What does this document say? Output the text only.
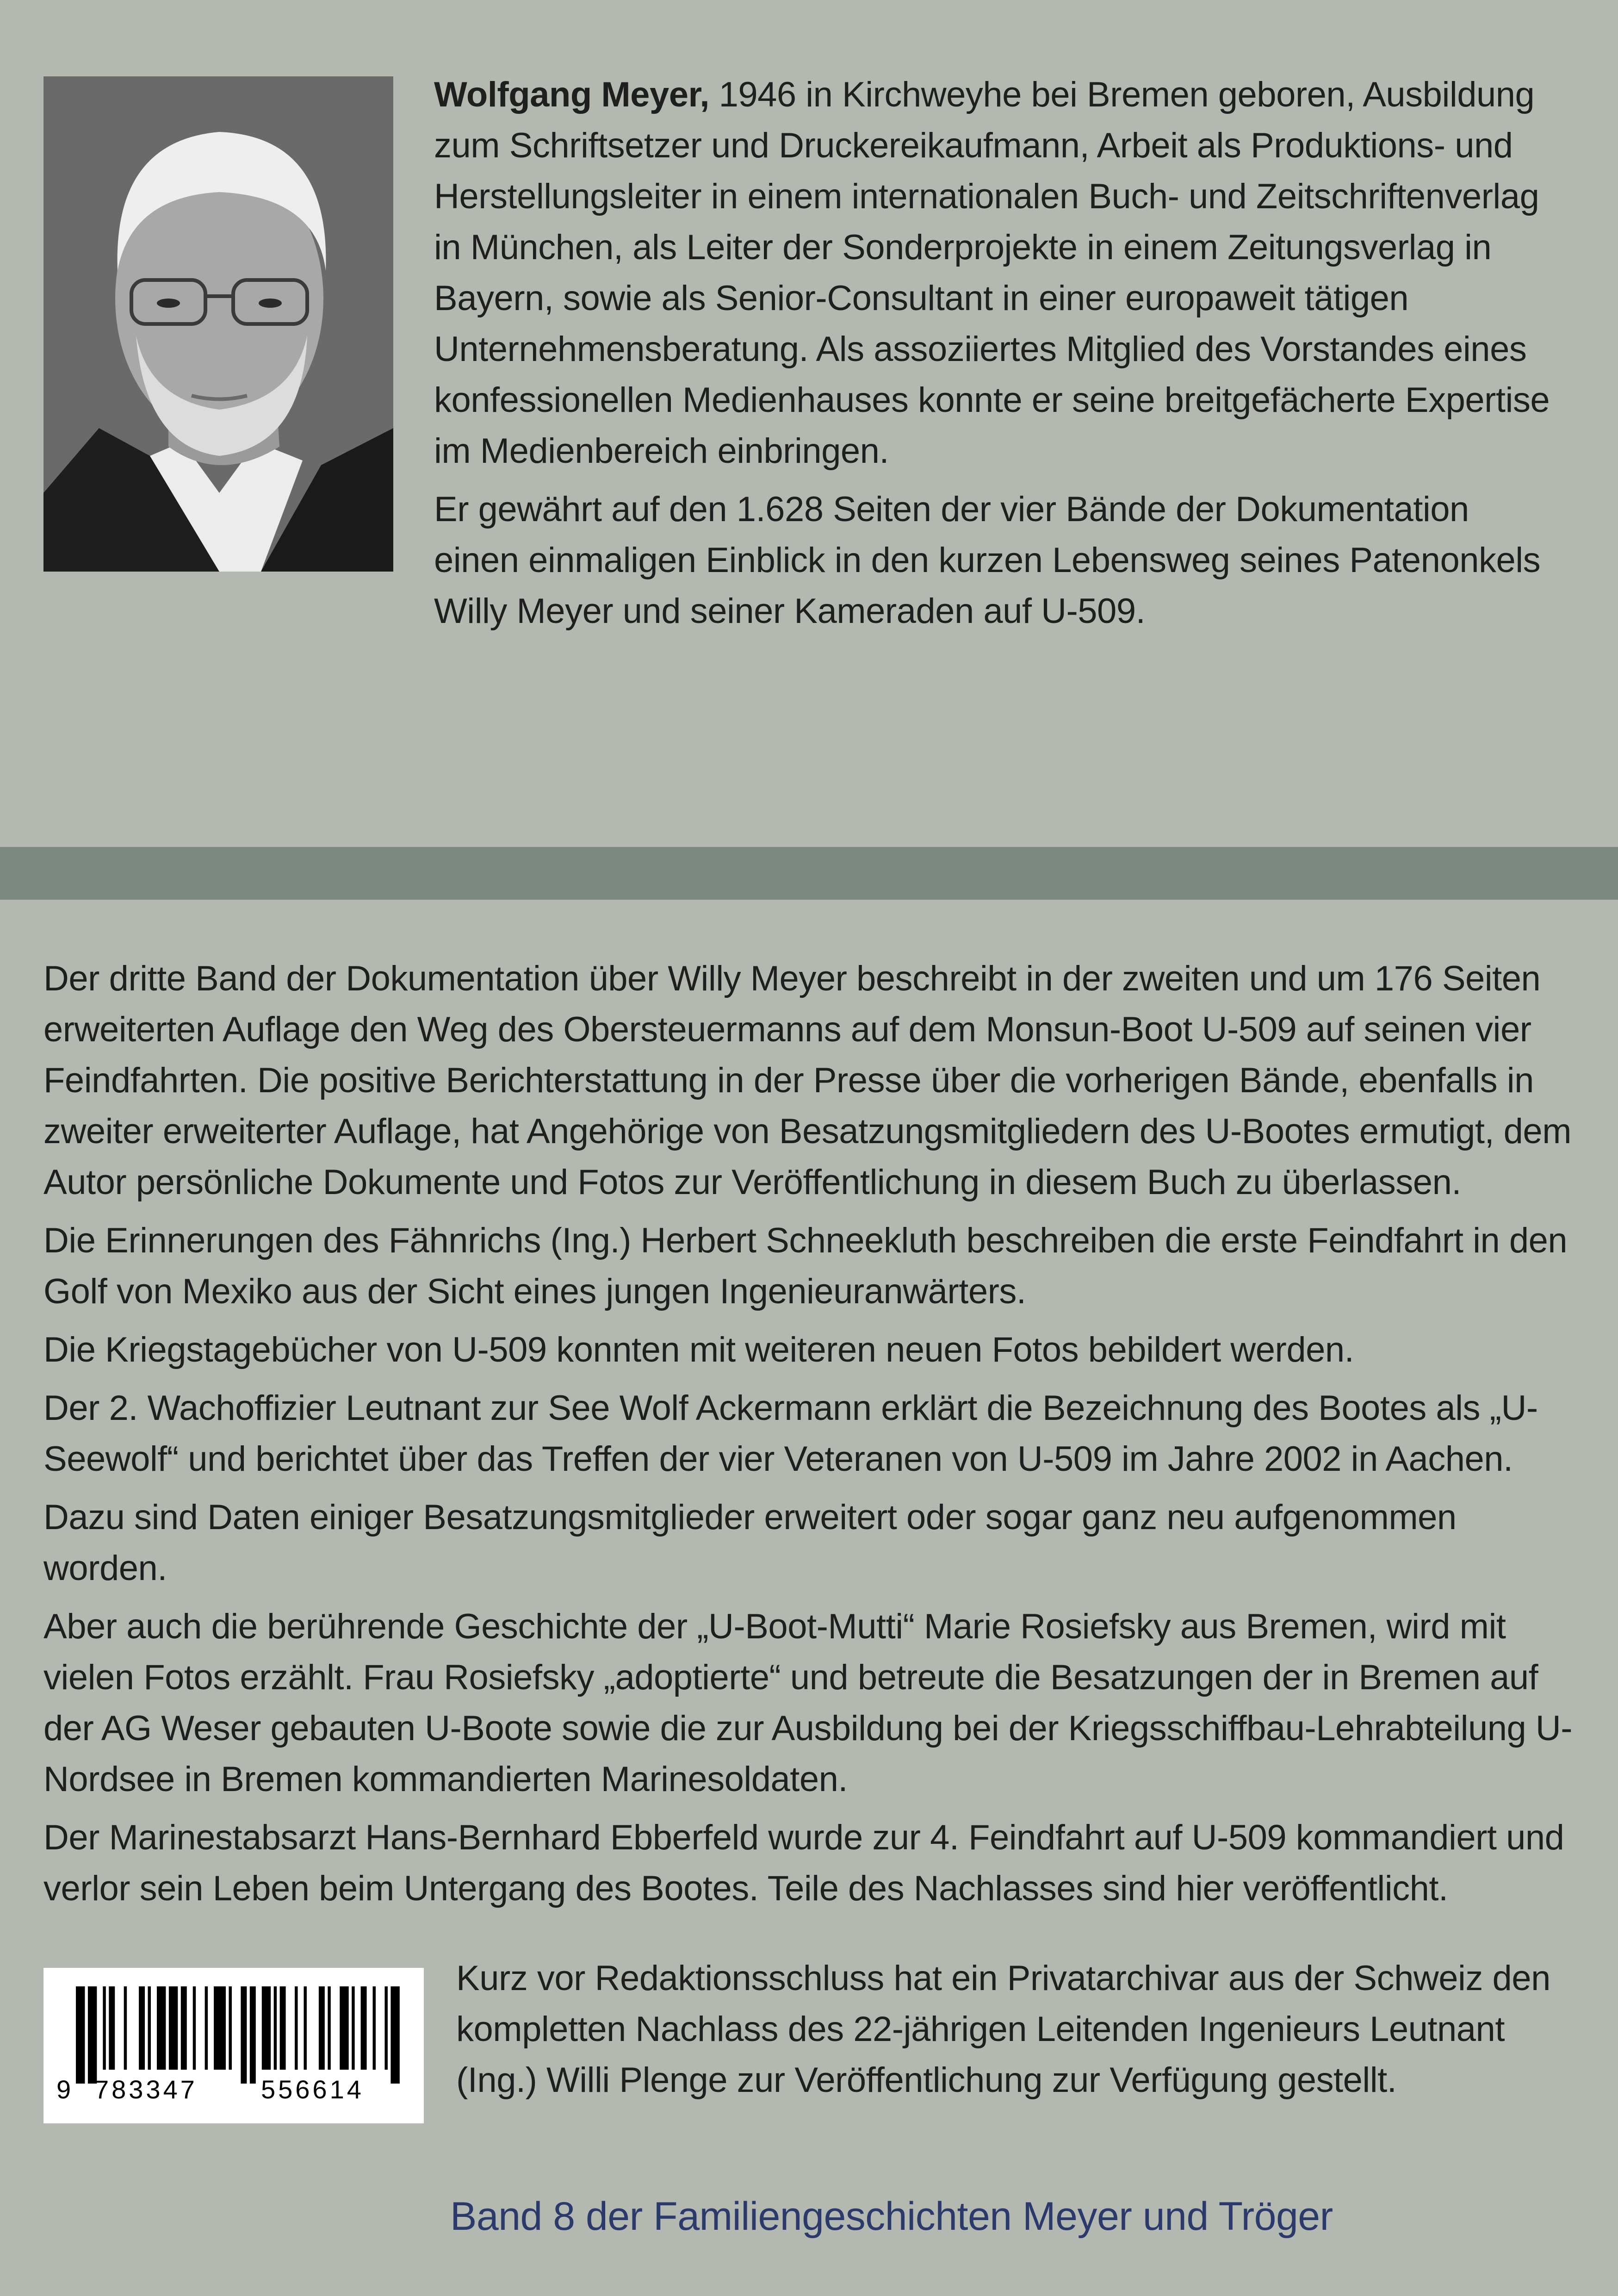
Wolfgang Meyer, 1946 in Kirchweyhe bei Bremen geboren, Ausbildung zum Schriftsetzer und Druckereikaufmann, Arbeit als Produktions- und Herstellungsleiter in einem internationalen Buch- und Zeitschriftenverlag in München, als Leiter der Sonderprojekte in einem Zeitungsverlag in Bayern, sowie als Senior-Consultant in einer europaweit tätigen Unternehmensberatung. Als assoziiertes Mitglied des Vorstandes eines konfessionellen Medienhauses konnte er seine breitgefächerte Expertise im Medienbereich einbringen.

Er gewährt auf den 1.628 Seiten der vier Bände der Dokumentation einen einmaligen Einblick in den kurzen Lebensweg seines Patenonkels Willy Meyer und seiner Kameraden auf U-509.

Der dritte Band der Dokumentation über Willy Meyer beschreibt in der zweiten und um 176 Seiten erweiterten Auflage den Weg des Obersteuermanns auf dem Monsun-Boot U-509 auf seinen vier Feindfahrten. Die positive Berichterstattung in der Presse über die vorherigen Bände, ebenfalls in zweiter erweiterter Auflage, hat Angehörige von Besatzungsmitgliedern des U-Bootes ermutigt, dem Autor persönliche Dokumente und Fotos zur Veröffentlichung in diesem Buch zu überlassen.

Die Erinnerungen des Fähnrichs (Ing.) Herbert Schneekluth beschreiben die erste Feindfahrt in den Golf von Mexiko aus der Sicht eines jungen Ingenieuranwärters.

Die Kriegstagebücher von U-509 konnten mit weiteren neuen Fotos bebildert werden.

Der 2. Wachoffizier Leutnant zur See Wolf Ackermann erklärt die Bezeichnung des Bootes als „U-Seewolf“ und berichtet über das Treffen der vier Veteranen von U-509 im Jahre 2002 in Aachen.

Dazu sind Daten einiger Besatzungsmitglieder erweitert oder sogar ganz neu aufgenommen worden.

Aber auch die berührende Geschichte der „U-Boot-Mutti“ Marie Rosiefsky aus Bremen, wird mit vielen Fotos erzählt. Frau Rosiefsky „adoptierte“ und betreute die Besatzungen der in Bremen auf der AG Weser gebauten U-Boote sowie die zur Ausbildung bei der Kriegsschiffbau-Lehrabteilung U-Nordsee in Bremen kommandierten Marinesoldaten.

Der Marinestabsarzt Hans-Bernhard Ebberfeld wurde zur 4. Feindfahrt auf U-509 kommandiert und verlor sein Leben beim Untergang des Bootes. Teile des Nachlasses sind hier veröffentlicht.

9 783347 556614

Kurz vor Redaktionsschluss hat ein Privatarchivar aus der Schweiz den kompletten Nachlass des 22-jährigen Leitenden Ingenieurs Leutnant (Ing.) Willi Plenge zur Veröffentlichung zur Verfügung gestellt.

Band 8 der Familiengeschichten Meyer und Tröger
